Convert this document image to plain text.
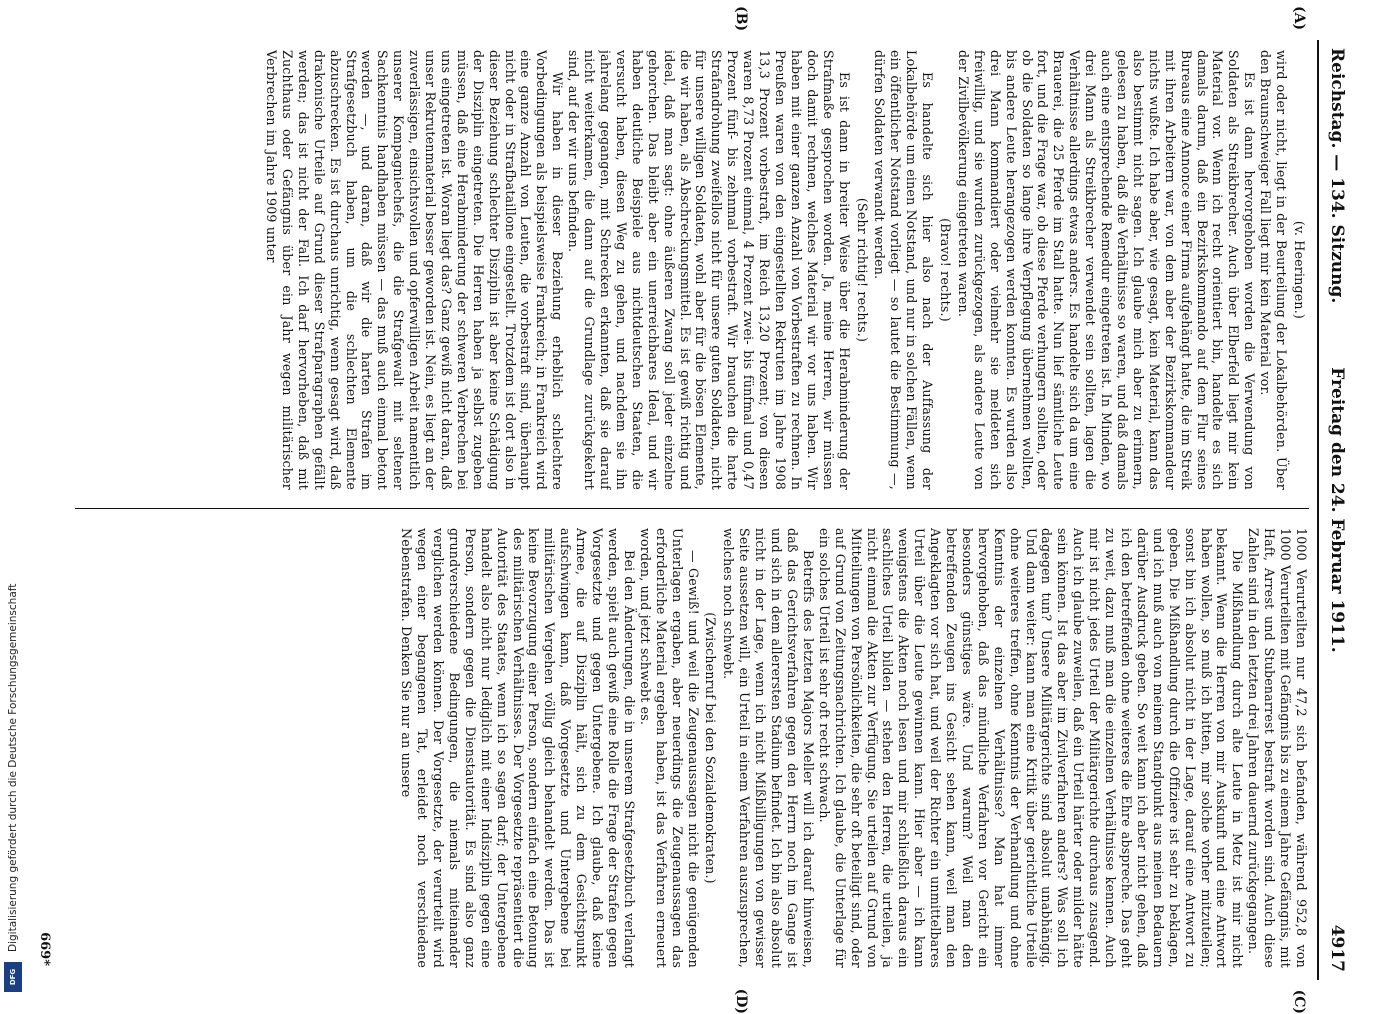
Digitalisierung gefördert durch die Deutsche Forschungsgemeinschaft
DFG
Reichstag. — 134. Sitzung.
Freitag den 24. Februar 1911.
4917
(A)
(B)
(C)
(D)

(v. Heeringen.)

wird oder nicht, liegt in der Beurteilung der Lokalbehörden. Über den Braunschweiger Fall liegt mir kein Material vor.

Es ist dann hervorgehoben worden die Verwendung von Soldaten als Streikbrecher. Auch über Elberfeld liegt mir kein Material vor. Wenn ich recht orientiert bin, handelte es sich damals darum, daß ein Bezirkskommando auf dem Flur seines Bureaus eine Annonce einer Firma aufgehängt hatte, die im Streik mit ihren Arbeitern war, von dem aber der Bezirkskommandeur nichts wußte. Ich habe aber, wie gesagt, kein Material, kann das also bestimmt nicht sagen. Ich glaube mich aber zu erinnern, gelesen zu haben, daß die Verhältnisse so waren, und daß damals auch eine entsprechende Remedur eingetreten ist. In Minden, wo drei Mann als Streikbrecher verwendet sein sollten, lagen die Verhältnisse allerdings etwas anders. Es handelte sich da um eine Brauerei, die 25 Pferde im Stall hatte. Nun lief sämtliche Leute fort, und die Frage war, ob diese Pferde verhungern sollten, oder ob die Soldaten so lange ihre Verpflegung übernehmen wollten, bis andere Leute herangezogen werden konnten. Es wurden also drei Mann kommandiert oder vielmehr sie meldeten sich freiwillig, und sie wurden zurückgezogen, als andere Leute von der Zivilbevölkerung eingetreten waren.

(Bravo! rechts.)

Es handelte sich hier also nach der Auffassung der Lokalbehörde um einen Notstand, und nur in solchen Fällen, wenn ein öffentlicher Notstand vorliegt — so lautet die Bestimmung —, dürfen Soldaten verwandt werden.

(Sehr richtig! rechts.)

Es ist dann in breiter Weise über die Herabminderung der Strafmaße gesprochen worden. Ja, meine Herren, wir müssen doch damit rechnen, welches Material wir vor uns haben. Wir haben mit einer ganzen Anzahl von Vorbestraften zu rechnen. In Preußen waren von den eingestellten Rekruten im Jahre 1908 13,3 Prozent vorbestraft, im Reich 13,20 Prozent; von diesen waren 8,73 Prozent einmal, 4 Prozent zwei- bis fünfmal und 0,47 Prozent fünf- bis zehnmal vorbestraft. Wir brauchen die harte Strafandrohung zweifellos nicht für unsere guten Soldaten, nicht für unsere willigen Soldaten, wohl aber für die bösen Elemente, die wir haben, als Abschreckungsmittel. Es ist gewiß richtig und ideal, daß man sagt: ohne äußeren Zwang soll jeder einzelne gehorchen. Das bleibt aber ein unerreichbares Ideal, und wir haben deutliche Beispiele aus nichtdeutschen Staaten, die versucht haben, diesen Weg zu gehen, und nachdem sie ihn jahrelang gegangen, mit Schrecken erkannten, daß sie darauf nicht weiterkamen, die dann auf die Grundlage zurückgekehrt sind, auf der wir uns befinden.

Wir haben in dieser Beziehung erheblich schlechtere Vorbedingungen als beispielsweise Frankreich; in Frankreich wird eine ganze Anzahl von Leuten, die vorbestraft sind, überhaupt nicht oder in Strafbataillone eingestellt. Trotzdem ist dort also in dieser Beziehung schlechter Disziplin ist aber keine Schädigung der Disziplin eingetreten. Die Herren haben ja selbst zugeben müssen, daß eine Herabminderung der schweren Verbrechen bei uns eingetreten ist. Woran liegt das? Ganz gewiß nicht daran, daß unser Rekrutenmaterial besser geworden ist. Nein, es liegt an der zuverlässigen, einsichtsvollen und opferwilligen Arbeit namentlich unserer Kompagniechefs, die die Strafgewalt mit seltener Sachkenntnis handhaben müssen — das muß auch einmal betont werden —, und daran, daß wir die harten Strafen im Strafgesetzbuch haben, um die schlechten Elemente abzuschrecken. Es ist durchaus unrichtig, wenn gesagt wird, daß drakonische Urteile auf Grund dieser Strafparagraphen gefällt werden; das ist nicht der Fall. Ich darf hervorheben, daß mit Zuchthaus oder Gefängnis über ein Jahr wegen militärischer Verbrechen im Jahre 1909 unter

1000 Verurteilten nur 47,2 sich befanden, während 952,8 von 1000 Verurteilten mit Gefängnis bis zu einem Jahre Gefängnis, mit Haft, Arrest und Stubenarrest bestraft worden sind. Auch diese Zahlen sind in den letzten drei Jahren dauernd zurückgegangen.

Die Mißhandlung durch alte Leute in Metz ist mir nicht bekannt. Wenn die Herren von mir Auskunft und eine Antwort haben wollen, so muß ich bitten, mir solche vorher mitzuteilen; sonst bin ich absolut nicht in der Lage, darauf eine Antwort zu geben. Die Mißhandlung durch die Offiziere ist sehr zu beklagen, und ich muß auch von meinem Standpunkt aus meinen Bedauern darüber Ausdruck geben. So weit kann ich aber nicht gehen, daß ich den betreffenden ohne weiteres die Ehre abspreche. Das geht zu weit, dazu muß man die einzelnen Verhältnisse kennen. Auch mir ist nicht jedes Urteil der Militärgerichte durchaus zusagend. Auch ich glaube zuweilen, daß ein Urteil härter oder milder hätte sein können. Ist das aber im Zivilverfahren anders? Was soll ich dagegen tun? Unsere Militärgerichte sind absolut unabhängig. Und dann weiter: kann man eine Kritik über gerichtliche Urteile ohne weiteres treffen, ohne Kenntnis der Verhandlung und ohne Kenntnis der einzelnen Verhältnisse? Man hat immer hervorgehoben, daß das mündliche Verfahren vor Gericht ein besonders günstiges wäre. Und warum? Weil man den betreffenden Zeugen ins Gesicht sehen kann, weil man den Angeklagten vor sich hat, und weil der Richter ein unmittelbares Urteil über die Leute gewinnen kann. Hier aber — ich kann wenigstens die Akten noch lesen und mir schließlich daraus ein sachliches Urteil bilden — stehen den Herren, die urteilen, ja nicht einmal die Akten zur Verfügung. Sie urteilen auf Grund von Mitteilungen von Persönlichkeiten, die sehr oft beteiligt sind, oder auf Grund von Zeitungsnachrichten. Ich glaube, die Unterlage für ein solches Urteil ist sehr oft recht schwach.

Betreffs des letzten Majors Meller will ich darauf hinweisen, daß das Gerichtsverfahren gegen den Herrn noch im Gange ist und sich in dem allerersten Stadium befindet. Ich bin also absolut nicht in der Lage, wenn ich nicht Mißbilligungen von gewisser Seite aussetzen will, ein Urteil in einem Verfahren auszusprechen, welches noch schwebt.

(Zwischenruf bei den Sozialdemokraten.)

— Gewiß! und weil die Zeugenaussagen nicht die genügenden Unterlagen ergaben, aber neuerdings die Zeugenaussagen das erforderliche Material ergeben haben, ist das Verfahren erneuert worden, und jetzt schwebt es.

Bei den Änderungen, die in unserem Strafgesetzbuch verlangt werden, spielt auch gewiß eine Rolle die Frage der Strafen gegen Vorgesetzte und gegen Untergebene. Ich glaube, daß keine Armee, die auf Disziplin hält, sich zu dem Gesichtspunkt aufschwingen kann, daß Vorgesetzte und Untergebene bei militärischen Vergehen völlig gleich behandelt werden. Das ist keine Bevorzugung einer Person, sondern einfach eine Betonung des militärischen Verhältnisses. Der Vorgesetzte repräsentiert die Autorität des Staates, wenn ich so sagen darf; der Untergebene handelt also nicht nur lediglich mit einer Indisziplin gegen eine Person, sondern gegen die Dienstautorität. Es sind also ganz grundverschiedene Bedingungen, die niemals miteinander verglichen werden können. Der Vorgesetzte, der verurteilt wird wegen einer begangenen Tat, erleidet noch verschiedene Nebenstrafen. Denken Sie nur an unsere

669*
